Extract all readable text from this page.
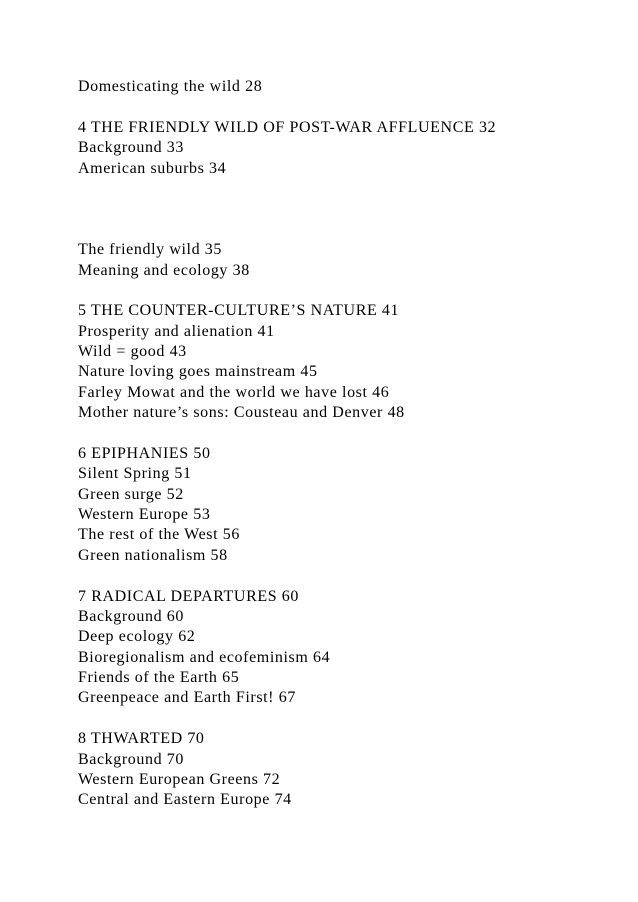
Domesticating the wild 28

4 THE FRIENDLY WILD OF POST-WAR AFFLUENCE 32

Background 33

American suburbs 34

The friendly wild 35

Meaning and ecology 38

5 THE COUNTER-CULTURE’S NATURE 41

Prosperity and alienation 41

Wild = good 43

Nature loving goes mainstream 45

Farley Mowat and the world we have lost 46

Mother nature’s sons: Cousteau and Denver 48

6 EPIPHANIES 50

Silent Spring 51

Green surge 52

Western Europe 53

The rest of the West 56

Green nationalism 58

7 RADICAL DEPARTURES 60

Background 60

Deep ecology 62

Bioregionalism and ecofeminism 64

Friends of the Earth 65

Greenpeace and Earth First! 67

8 THWARTED 70

Background 70

Western European Greens 72

Central and Eastern Europe 74
